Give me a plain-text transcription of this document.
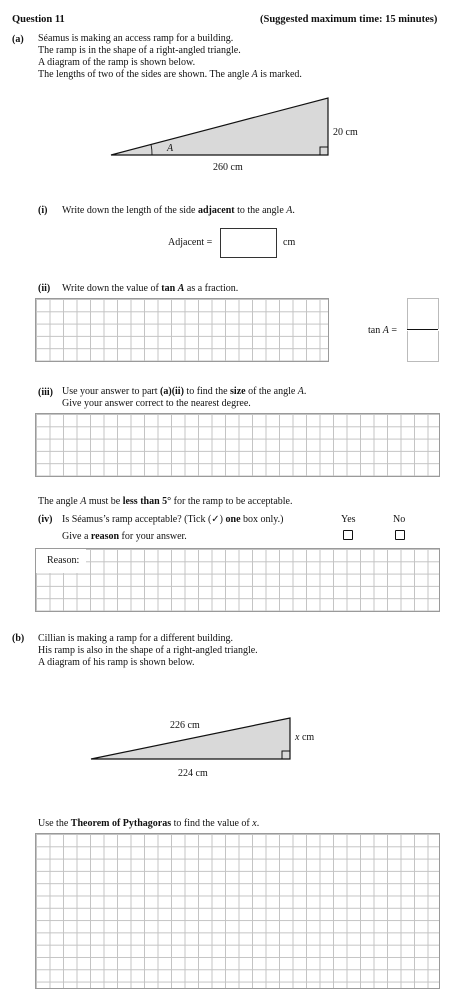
Question 11	(Suggested maximum time: 15 minutes)
(a) Séamus is making an access ramp for a building.
The ramp is in the shape of a right-angled triangle.
A diagram of the ramp is shown below.
The lengths of two of the sides are shown. The angle A is marked.
20 cm
260 cm
A
(i) Write down the length of the side adjacent to the angle A.
Adjacent =	cm
(ii) Write down the value of tan A as a fraction.
tan A =
(iii) Use your answer to part (a)(ii) to find the size of the angle A.
Give your answer correct to the nearest degree.
The angle A must be less than 5° for the ramp to be acceptable.
(iv) Is Séamus’s ramp acceptable? (Tick (✓) one box only.)	Yes	No
Give a reason for your answer.
Reason:
(b) Cillian is making a ramp for a different building.
His ramp is also in the shape of a right-angled triangle.
A diagram of his ramp is shown below.
226 cm
x cm
224 cm
Use the Theorem of Pythagoras to find the value of x.
